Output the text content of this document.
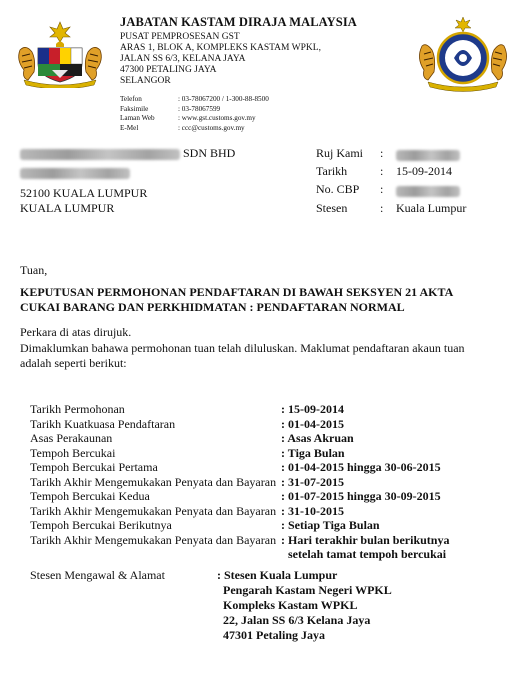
JABATAN KASTAM DIRAJA MALAYSIA
PUSAT PEMPROSESAN GST
ARAS 1, BLOK A, KOMPLEKS KASTAM WPKL,
JALAN SS 6/3, KELANA JAYA
47300 PETALING JAYA
SELANGOR
Telefon	: 03-78067200 / 1-300-88-8500
Faksimile	: 03-78067599
Laman Web	: www.gst.customs.gov.my
E-Mel	: ccc@customs.gov.my
SDN BHD
52100 KUALA LUMPUR
KUALA LUMPUR
Ruj Kami :
Tarikh	: 15-09-2014
No. CBP :
Stesen	: Kuala Lumpur
Tuan,
KEPUTUSAN PERMOHONAN PENDAFTARAN DI BAWAH SEKSYEN 21 AKTA
CUKAI BARANG DAN PERKHIDMATAN : PENDAFTARAN NORMAL
Perkara di atas dirujuk.
Dimaklumkan bahawa permohonan tuan telah diluluskan. Maklumat pendaftaran akaun tuan
adalah seperti berikut:
Tarikh Permohonan	: 15-09-2014
Tarikh Kuatkuasa Pendaftaran	: 01-04-2015
Asas Perakaunan	: Asas Akruan
Tempoh Bercukai	: Tiga Bulan
Tempoh Bercukai Pertama	: 01-04-2015 hingga 30-06-2015
Tarikh Akhir Mengemukakan Penyata dan Bayaran : 31-07-2015
Tempoh Bercukai Kedua	: 01-07-2015 hingga 30-09-2015
Tarikh Akhir Mengemukakan Penyata dan Bayaran : 31-10-2015
Tempoh Bercukai Berikutnya	: Setiap Tiga Bulan
Tarikh Akhir Mengemukakan Penyata dan Bayaran : Hari terakhir bulan berikutnya
setelah tamat tempoh bercukai
Stesen Mengawal & Alamat	: Stesen Kuala Lumpur
Pengarah Kastam Negeri WPKL
Kompleks Kastam WPKL
22, Jalan SS 6/3 Kelana Jaya
47301 Petaling Jaya
